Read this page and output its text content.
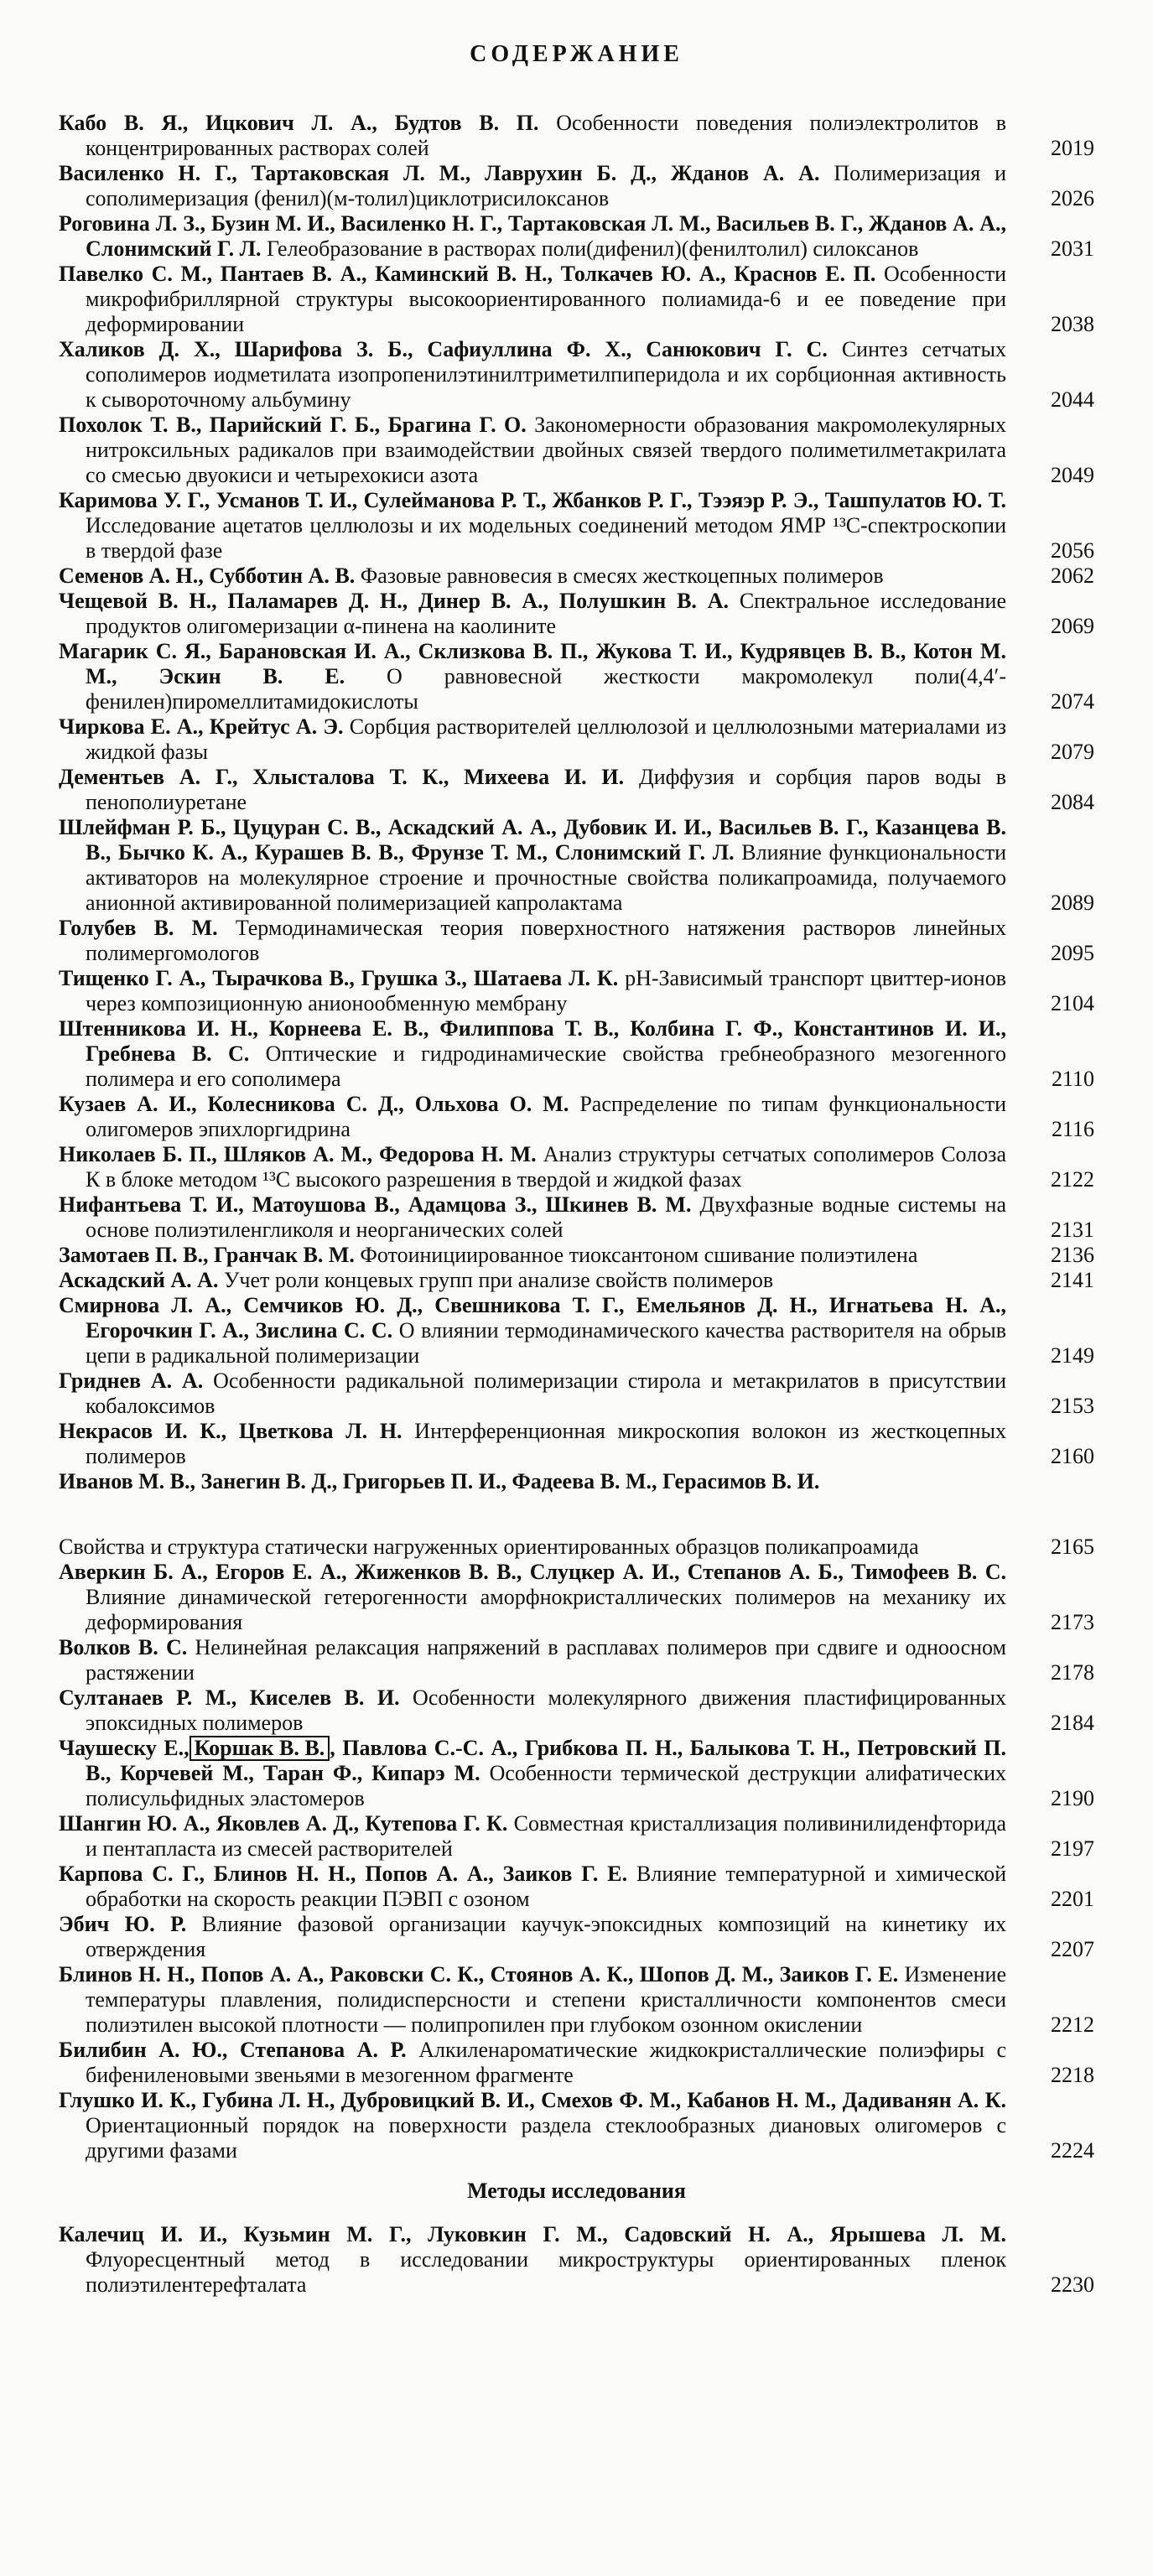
СОДЕРЖАНИЕ
Кабо В. Я., Ицкович Л. А., Будтов В. П. Особенности поведения полиэлектролитов в концентрированных растворах солей	2019
Василенко Н. Г., Тартаковская Л. М., Лаврухин Б. Д., Жданов А. А. Полимеризация и сополимеризация (фенил)(м-толил)циклотрисилоксанов	2026
Роговина Л. З., Бузин М. И., Василенко Н. Г., Тартаковская Л. М., Васильев В. Г., Жданов А. А., Слонимский Г. Л. Гелеобразование в растворах поли(дифенил)(фенилтолил) силоксанов	2031
Павелко С. М., Пантаев В. А., Каминский В. Н., Толкачев Ю. А., Краснов Е. П. Особенности микрофибриллярной структуры высокоориентированного полиамида-6 и ее поведение при деформировании	2038
Халиков Д. Х., Шарифова З. Б., Сафиуллина Ф. Х., Санюкович Г. С. Синтез сетчатых сополимеров иодметилата изопропенилэтинилтриметилпиперидола и их сорбционная активность к сывороточному альбумину	2044
Похолок Т. В., Парийский Г. Б., Брагина Г. О. Закономерности образования макромолекулярных нитроксильных радикалов при взаимодействии двойных связей твердого полиметилметакрилата со смесью двуокиси и четырехокиси азота	2049
Каримова У. Г., Усманов Т. И., Сулейманова Р. Т., Жбанков Р. Г., Тээяэр Р. Э., Ташпулатов Ю. Т. Исследование ацетатов целлюлозы и их модельных соединений методом ЯМР ¹³С-спектроскопии в твердой фазе	2056
Семенов А. Н., Субботин А. В. Фазовые равновесия в смесях жесткоцепных полимеров	2062
Чещевой В. Н., Паламарев Д. Н., Динер В. А., Полушкин В. А. Спектральное исследование продуктов олигомеризации α-пинена на каолините	2069
Магарик С. Я., Барановская И. А., Склизкова В. П., Жукова Т. И., Кудрявцев В. В., Котон М. М., Эскин В. Е. О равновесной жесткости макромолекул поли(4,4′-фенилен)пиромеллитамидокислоты	2074
Чиркова Е. А., Крейтус А. Э. Сорбция растворителей целлюлозой и целлюлозными материалами из жидкой фазы	2079
Дементьев А. Г., Хлысталова Т. К., Михеева И. И. Диффузия и сорбция паров воды в пенополиуретане	2084
Шлейфман Р. Б., Цуцуран С. В., Аскадский А. А., Дубовик И. И., Васильев В. Г., Казанцева В. В., Бычко К. А., Курашев В. В., Фрунзе Т. М., Слонимский Г. Л. Влияние функциональности активаторов на молекулярное строение и прочностные свойства поликапроамида, получаемого анионной активированной полимеризацией капролактама	2089
Голубев В. М. Термодинамическая теория поверхностного натяжения растворов линейных полимергомологов	2095
Тищенко Г. А., Тырачкова В., Грушка З., Шатаева Л. К. рН-Зависимый транспорт цвиттер-ионов через композиционную анионообменную мембрану	2104
Штенникова И. Н., Корнеева Е. В., Филиппова Т. В., Колбина Г. Ф., Константинов И. И., Гребнева В. С. Оптические и гидродинамические свойства гребнеобразного мезогенного полимера и его сополимера	2110
Кузаев А. И., Колесникова С. Д., Ольхова О. М. Распределение по типам функциональности олигомеров эпихлоргидрина	2116
Николаев Б. П., Шляков А. М., Федорова Н. М. Анализ структуры сетчатых сополимеров Солоза К в блоке методом ¹³С высокого разрешения в твердой и жидкой фазах	2122
Нифантьева Т. И., Матоушова В., Адамцова З., Шкинев В. М. Двухфазные водные системы на основе полиэтиленгликоля и неорганических солей	2131
Замотаев П. В., Гранчак В. М. Фотоинициированное тиоксантоном сшивание полиэтилена	2136
Аскадский А. А. Учет роли концевых групп при анализе свойств полимеров	2141
Смирнова Л. А., Семчиков Ю. Д., Свешникова Т. Г., Емельянов Д. Н., Игнатьева Н. А., Егорочкин Г. А., Зислина С. С. О влиянии термодинамического качества растворителя на обрыв цепи в радикальной полимеризации	2149
Гриднев А. А. Особенности радикальной полимеризации стирола и метакрилатов в присутствии кобалоксимов	2153
Некрасов И. К., Цветкова Л. Н. Интерференционная микроскопия волокон из жесткоцепных полимеров	2160
Иванов М. В., Занегин В. Д., Григорьев П. И., Фадеева В. М., Герасимов В. И.
Свойства и структура статически нагруженных ориентированных образцов поликапроамида	2165
Аверкин Б. А., Егоров Е. А., Жиженков В. В., Слуцкер А. И., Степанов А. Б., Тимофеев В. С. Влияние динамической гетерогенности аморфнокристаллических полимеров на механику их деформирования	2173
Волков В. С. Нелинейная релаксация напряжений в расплавах полимеров при сдвиге и одноосном растяжении	2178
Султанаев Р. М., Киселев В. И. Особенности молекулярного движения пластифицированных эпоксидных полимеров	2184
Чаушеску Е., Коршак В. В. , Павлова С.-С. А., Грибкова П. Н., Балыкова Т. Н., Петровский П. В., Корчевей М., Таран Ф., Кипарэ М. Особенности термической деструкции алифатических полисульфидных эластомеров	2190
Шангин Ю. А., Яковлев А. Д., Кутепова Г. К. Совместная кристаллизация поливинилиденфторида и пентапласта из смесей растворителей	2197
Карпова С. Г., Блинов Н. Н., Попов А. А., Заиков Г. Е. Влияние температурной и химической обработки на скорость реакции ПЭВП с озоном	2201
Эбич Ю. Р. Влияние фазовой организации каучук-эпоксидных композиций на кинетику их отверждения	2207
Блинов Н. Н., Попов А. А., Раковски С. К., Стоянов А. К., Шопов Д. М., Заиков Г. Е. Изменение температуры плавления, полидисперсности и степени кристалличности компонентов смеси полиэтилен высокой плотности — полипропилен при глубоком озонном окислении	2212
Билибин А. Ю., Степанова А. Р. Алкиленароматические жидкокристаллические полиэфиры с бифениленовыми звеньями в мезогенном фрагменте	2218
Глушко И. К., Губина Л. Н., Дубровицкий В. И., Смехов Ф. М., Кабанов Н. М., Дадиванян А. К. Ориентационный порядок на поверхности раздела стеклообразных диановых олигомеров с другими фазами	2224
Методы исследования
Калечиц И. И., Кузьмин М. Г., Луковкин Г. М., Садовский Н. А., Ярышева Л. М. Флуоресцентный метод в исследовании микроструктуры ориентированных пленок полиэтилентерефталата	2230
